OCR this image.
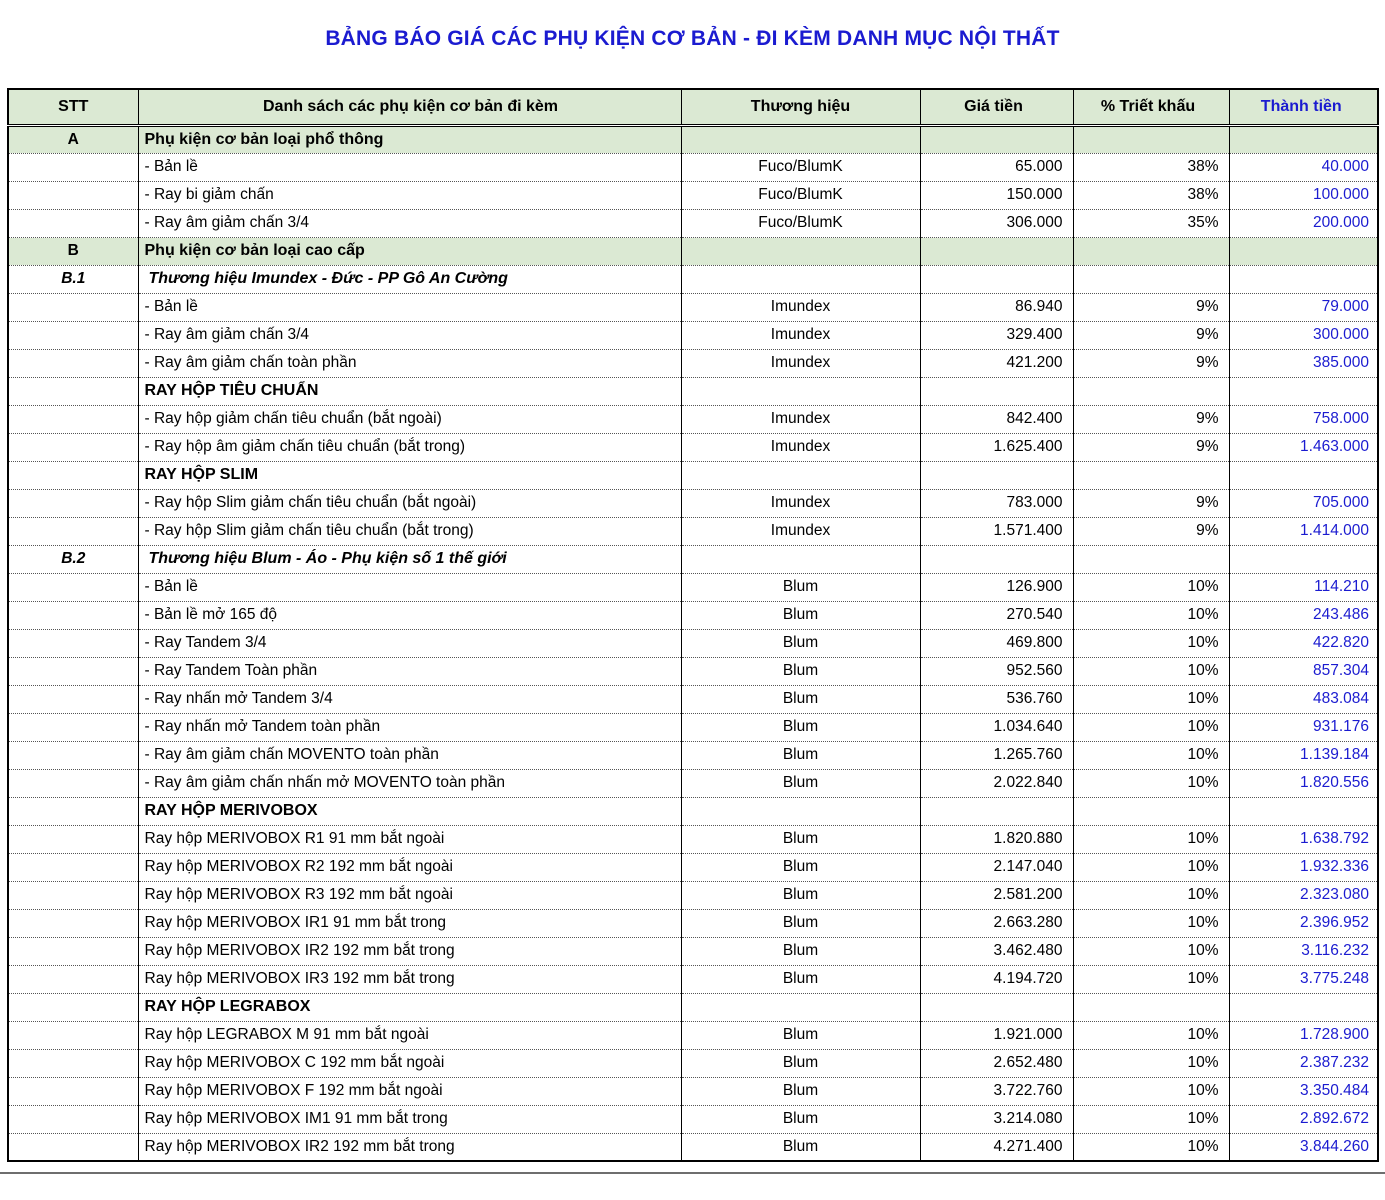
BẢNG BÁO GIÁ CÁC PHỤ KIỆN CƠ BẢN - ĐI KÈM DANH MỤC NỘI THẤT
STT	Danh sách các phụ kiện cơ bản đi kèm	Thương hiệu	Giá tiền	% Triết khấu	Thành tiền
A	Phụ kiện cơ bản loại phổ thông				
	- Bản lề	Fuco/BlumK	65.000	38%	40.000
	- Ray bi giảm chấn	Fuco/BlumK	150.000	38%	100.000
	- Ray âm giảm chấn 3/4	Fuco/BlumK	306.000	35%	200.000
B	Phụ kiện cơ bản loại cao cấp				
B.1	Thương hiệu Imundex - Đức - PP Gô An Cường				
	- Bản lề	Imundex	86.940	9%	79.000
	- Ray âm giảm chấn 3/4	Imundex	329.400	9%	300.000
	- Ray âm giảm chấn toàn phần	Imundex	421.200	9%	385.000
	RAY HỘP TIÊU CHUẨN				
	- Ray hộp giảm chấn tiêu chuẩn (bắt ngoài)	Imundex	842.400	9%	758.000
	- Ray hộp âm giảm chấn tiêu chuẩn (bắt trong)	Imundex	1.625.400	9%	1.463.000
	RAY HỘP SLIM				
	- Ray hộp Slim giảm chấn tiêu chuẩn (bắt ngoài)	Imundex	783.000	9%	705.000
	- Ray hộp Slim giảm chấn tiêu chuẩn (bắt trong)	Imundex	1.571.400	9%	1.414.000
B.2	Thương hiệu Blum - Áo - Phụ kiện số 1 thế giới				
	- Bản lề	Blum	126.900	10%	114.210
	- Bản lề mở 165 độ	Blum	270.540	10%	243.486
	- Ray Tandem 3/4	Blum	469.800	10%	422.820
	- Ray Tandem Toàn phần	Blum	952.560	10%	857.304
	- Ray nhấn mở Tandem 3/4	Blum	536.760	10%	483.084
	- Ray nhấn mở Tandem toàn phần	Blum	1.034.640	10%	931.176
	- Ray âm giảm chấn MOVENTO toàn phần	Blum	1.265.760	10%	1.139.184
	- Ray âm giảm chấn nhấn mở MOVENTO toàn phần	Blum	2.022.840	10%	1.820.556
	RAY HỘP MERIVOBOX				
	Ray hộp MERIVOBOX R1 91 mm bắt ngoài	Blum	1.820.880	10%	1.638.792
	Ray hộp MERIVOBOX R2 192 mm bắt ngoài	Blum	2.147.040	10%	1.932.336
	Ray hộp MERIVOBOX R3 192 mm bắt ngoài	Blum	2.581.200	10%	2.323.080
	Ray hộp MERIVOBOX IR1 91 mm bắt trong	Blum	2.663.280	10%	2.396.952
	Ray hộp MERIVOBOX IR2 192 mm bắt trong	Blum	3.462.480	10%	3.116.232
	Ray hộp MERIVOBOX IR3 192 mm bắt trong	Blum	4.194.720	10%	3.775.248
	RAY HỘP LEGRABOX				
	Ray hộp LEGRABOX M 91 mm bắt ngoài	Blum	1.921.000	10%	1.728.900
	Ray hộp MERIVOBOX C 192 mm bắt ngoài	Blum	2.652.480	10%	2.387.232
	Ray hộp MERIVOBOX F 192 mm bắt ngoài	Blum	3.722.760	10%	3.350.484
	Ray hộp MERIVOBOX IM1 91 mm bắt trong	Blum	3.214.080	10%	2.892.672
	Ray hộp MERIVOBOX IR2 192 mm bắt trong	Blum	4.271.400	10%	3.844.260
